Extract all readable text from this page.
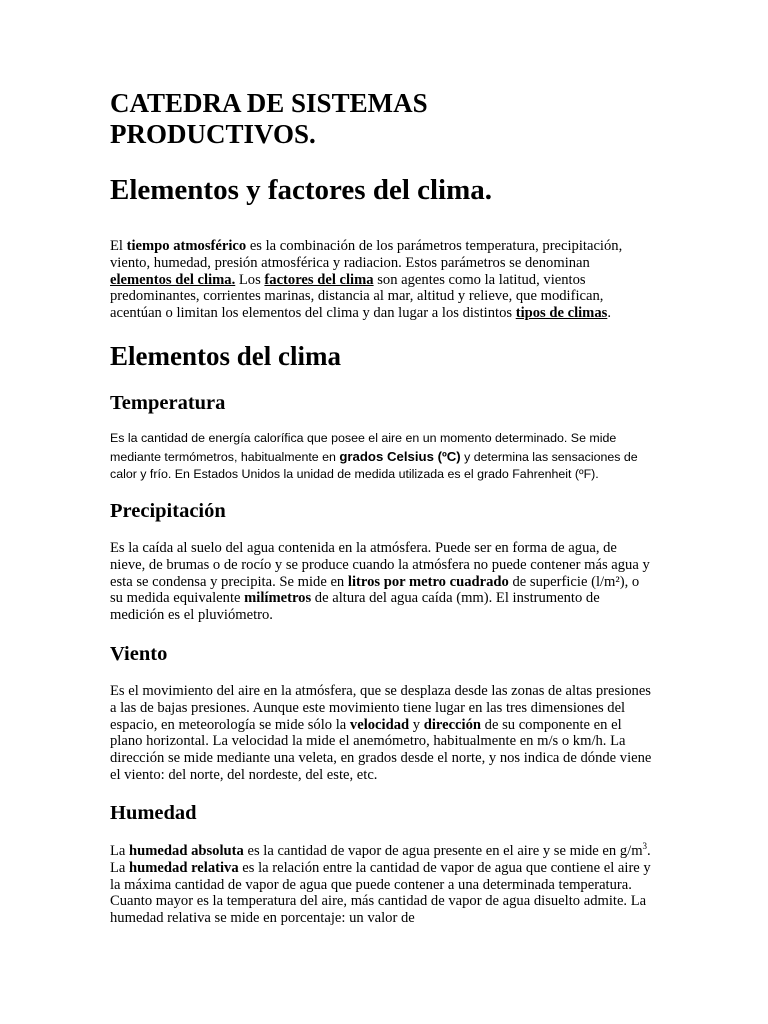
CATEDRA DE SISTEMAS PRODUCTIVOS.
Elementos y factores del clima.

El tiempo atmosférico es la combinación de los parámetros temperatura, precipitación, viento, humedad, presión atmosférica y radiacion. Estos parámetros se denominan elementos del clima. Los factores del clima son agentes como la latitud, vientos predominantes, corrientes marinas, distancia al mar, altitud y relieve, que modifican, acentúan o limitan los elementos del clima y dan lugar a los distintos tipos de climas.

Elementos del clima
Temperatura

Es la cantidad de energía calorífica que posee el aire en un momento determinado. Se mide mediante termómetros, habitualmente en grados Celsius (ºC) y determina las sensaciones de calor y frío. En Estados Unidos la unidad de medida utilizada es el grado Fahrenheit (ºF).

Precipitación

Es la caída al suelo del agua contenida en la atmósfera. Puede ser en forma de agua, de nieve, de brumas o de rocío y se produce cuando la atmósfera no puede contener más agua y esta se condensa y precipita. Se mide en litros por metro cuadrado de superficie (l/m²), o su medida equivalente milímetros de altura del agua caída (mm). El instrumento de medición es el pluviómetro.

Viento

Es el movimiento del aire en la atmósfera, que se desplaza desde las zonas de altas presiones a las de bajas presiones. Aunque este movimiento tiene lugar en las tres dimensiones del espacio, en meteorología se mide sólo la velocidad y dirección de su componente en el plano horizontal. La velocidad la mide el anemómetro, habitualmente en m/s o km/h. La dirección se mide mediante una veleta, en grados desde el norte, y nos indica de dónde viene el viento: del norte, del nordeste, del este, etc.

Humedad

La humedad absoluta es la cantidad de vapor de agua presente en el aire y se mide en $g/m^3$. La humedad relativa es la relación entre la cantidad de vapor de agua que contiene el aire y la máxima cantidad de vapor de agua que puede contener a una determinada temperatura. Cuanto mayor es la temperatura del aire, más cantidad de vapor de agua disuelto admite. La humedad relativa se mide en porcentaje: un valor de
